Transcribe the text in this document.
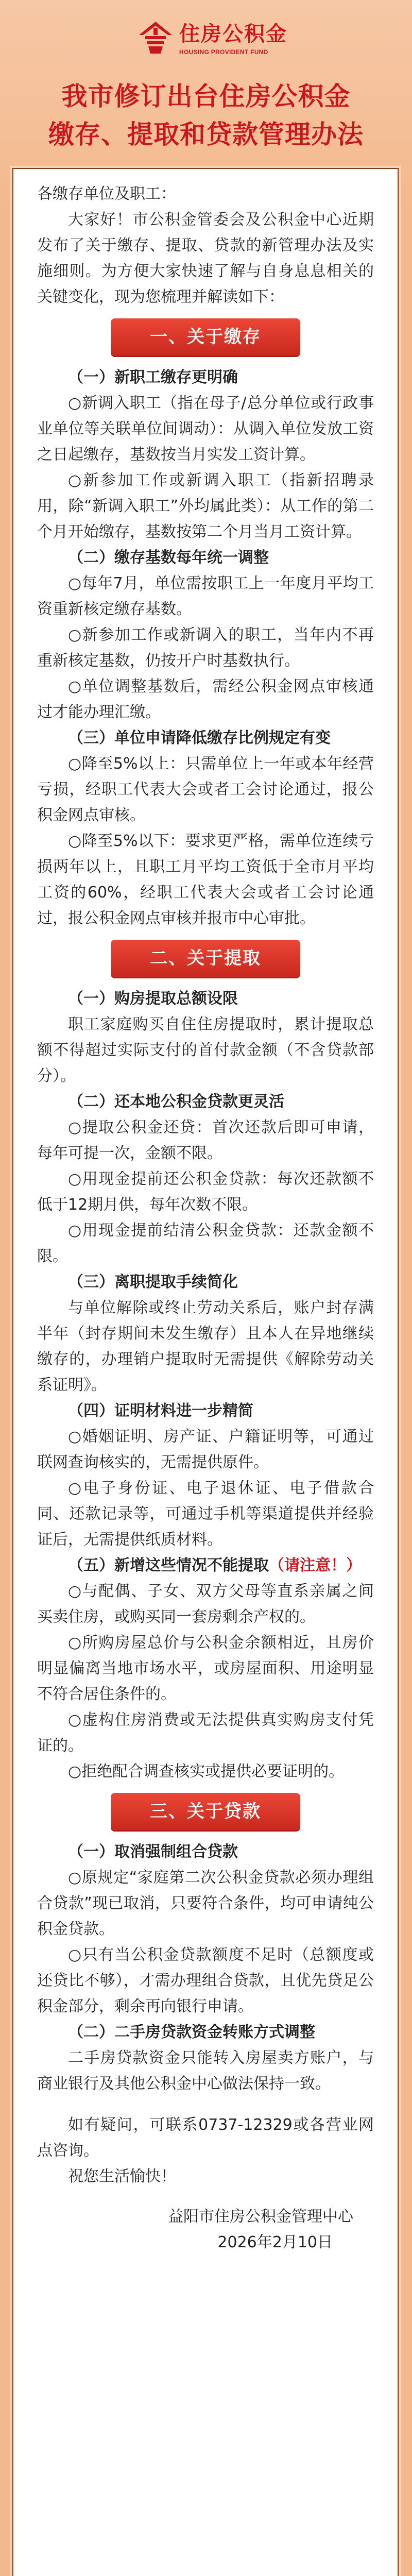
住房公积金
HOUSING PROVIDENT FUND
我市修订出台住房公积金
缴存、提取和贷款管理办法

各缴存单位及职工：

大家好！市公积金管委会及公积金中心近期发布了关于缴存、提取、贷款的新管理办法及实施细则。为方便大家快速了解与自身息息相关的关键变化，现为您梳理并解读如下：

一、关于缴存

（一）新职工缴存更明确

○新调入职工（指在母子/总分单位或行政事业单位等关联单位间调动）：从调入单位发放工资之日起缴存，基数按当月实发工资计算。

○新参加工作或新调入职工（指新招聘录用，除“新调入职工”外均属此类）：从工作的第二个月开始缴存，基数按第二个月当月工资计算。

（二）缴存基数每年统一调整

○每年7月，单位需按职工上一年度月平均工资重新核定缴存基数。

○新参加工作或新调入的职工，当年内不再重新核定基数，仍按开户时基数执行。

○单位调整基数后，需经公积金网点审核通过才能办理汇缴。

（三）单位申请降低缴存比例规定有变

○降至5%以上：只需单位上一年或本年经营亏损，经职工代表大会或者工会讨论通过，报公积金网点审核。

○降至5%以下：要求更严格，需单位连续亏损两年以上，且职工月平均工资低于全市月平均工资的60%，经职工代表大会或者工会讨论通过，报公积金网点审核并报市中心审批。

二、关于提取

（一）购房提取总额设限

职工家庭购买自住住房提取时，累计提取总额不得超过实际支付的首付款金额（不含贷款部分）。

（二）还本地公积金贷款更灵活

○提取公积金还贷：首次还款后即可申请，每年可提一次，金额不限。

○用现金提前还公积金贷款：每次还款额不低于12期月供，每年次数不限。

○用现金提前结清公积金贷款：还款金额不限。

（三）离职提取手续简化

与单位解除或终止劳动关系后，账户封存满半年（封存期间未发生缴存）且本人在异地继续缴存的，办理销户提取时无需提供《解除劳动关系证明》。

（四）证明材料进一步精简

○婚姻证明、房产证、户籍证明等，可通过联网查询核实的，无需提供原件。

○电子身份证、电子退休证、电子借款合同、还款记录等，可通过手机等渠道提供并经验证后，无需提供纸质材料。

（五）新增这些情况不能提取（请注意！）

○与配偶、子女、双方父母等直系亲属之间买卖住房，或购买同一套房剩余产权的。

○所购房屋总价与公积金余额相近，且房价明显偏离当地市场水平，或房屋面积、用途明显不符合居住条件的。

○虚构住房消费或无法提供真实购房支付凭证的。

○拒绝配合调查核实或提供必要证明的。

三、关于贷款

（一）取消强制组合贷款

○原规定“家庭第二次公积金贷款必须办理组合贷款”现已取消，只要符合条件，均可申请纯公积金贷款。

○只有当公积金贷款额度不足时（总额度或还贷比不够），才需办理组合贷款，且优先贷足公积金部分，剩余再向银行申请。

（二）二手房贷款资金转账方式调整

二手房贷款资金只能转入房屋卖方账户，与商业银行及其他公积金中心做法保持一致。

如有疑问，可联系0737-12329或各营业网点咨询。

祝您生活愉快！

益阳市住房公积金管理中心

2026年2月10日
